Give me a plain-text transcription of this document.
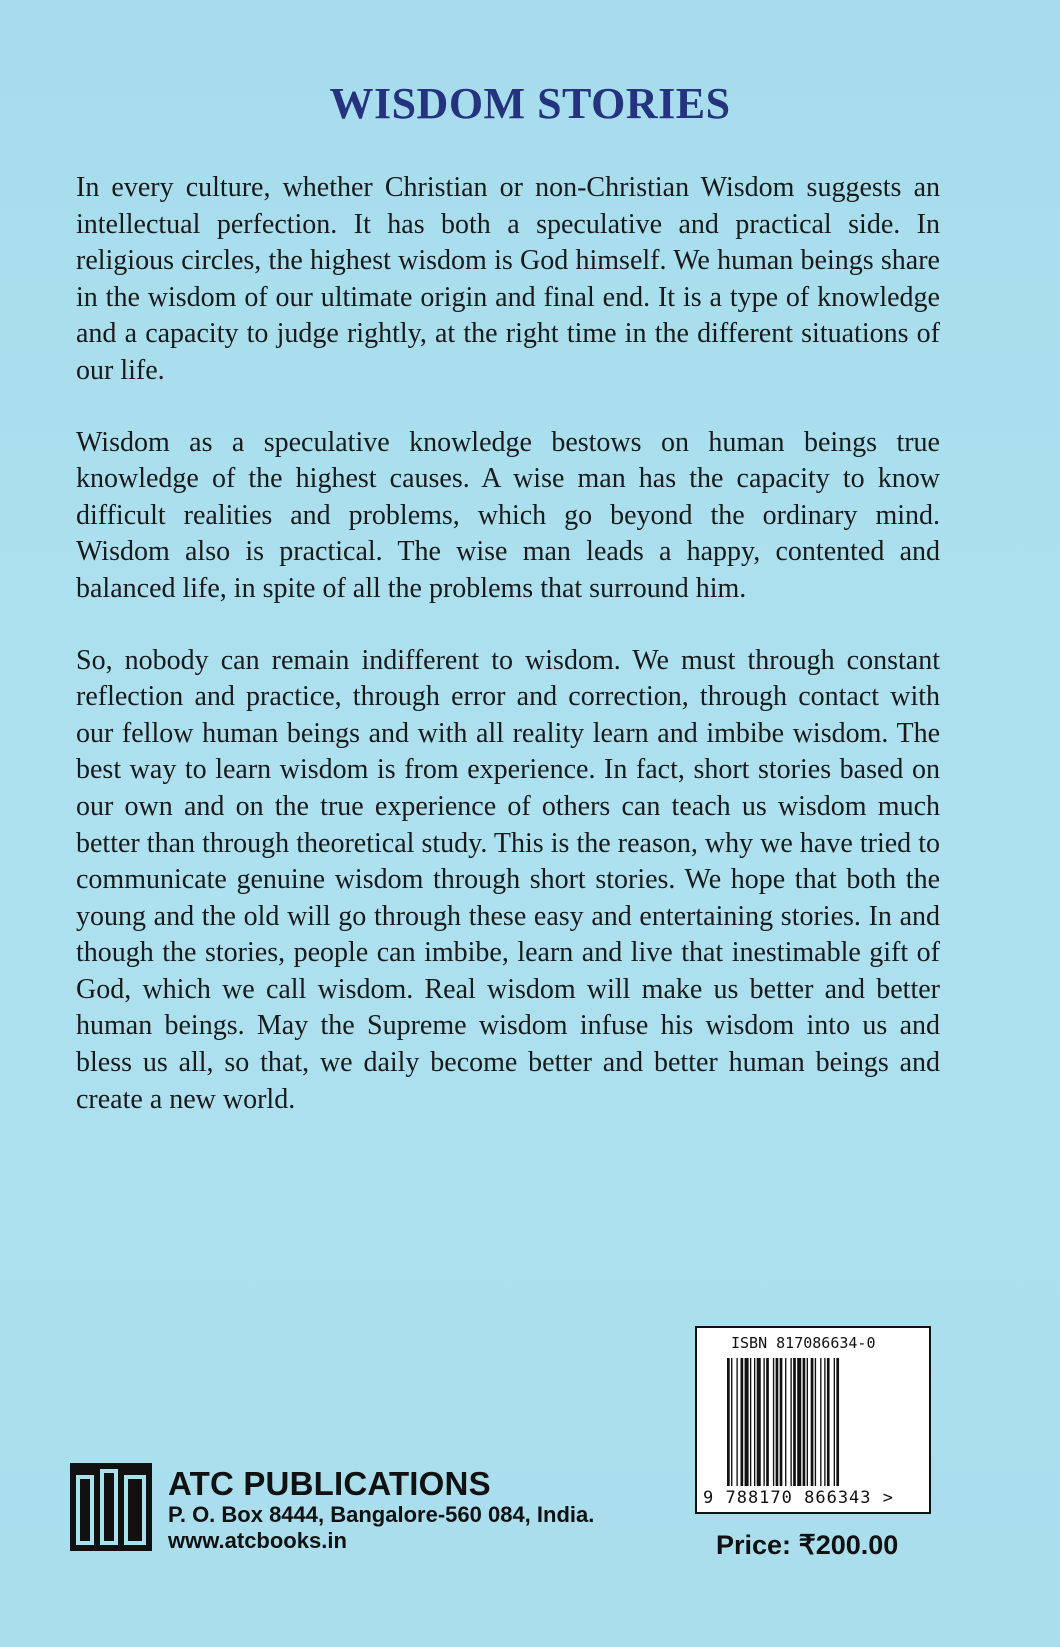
WISDOM STORIES

In every culture, whether Christian or non-Christian Wisdom suggests an intellectual perfection. It has both a speculative and practical side. In religious circles, the highest wisdom is God himself. We human beings share in the wisdom of our ultimate origin and final end. It is a type of knowledge and a capacity to judge rightly, at the right time in the different situations of our life.

Wisdom as a speculative knowledge bestows on human beings true knowledge of the highest causes. A wise man has the capacity to know difficult realities and problems, which go beyond the ordinary mind. Wisdom also is practical. The wise man leads a happy, contented and balanced life, in spite of all the problems that surround him.

So, nobody can remain indifferent to wisdom. We must through constant reflection and practice, through error and correction, through contact with our fellow human beings and with all reality learn and imbibe wisdom. The best way to learn wisdom is from experience. In fact, short stories based on our own and on the true experience of others can teach us wisdom much better than through theoretical study. This is the reason, why we have tried to communicate genuine wisdom through short stories. We hope that both the young and the old will go through these easy and entertaining stories. In and though the stories, people can imbibe, learn and live that inestimable gift of God, which we call wisdom. Real wisdom will make us better and better human beings. May the Supreme wisdom infuse his wisdom into us and bless us all, so that, we daily become better and better human beings and create a new world.

ATC PUBLICATIONS
P. O. Box 8444, Bangalore-560 084, India.
www.atcbooks.in
ISBN 817086634-0
9 788170 866343 >
Price: ₹200.00
